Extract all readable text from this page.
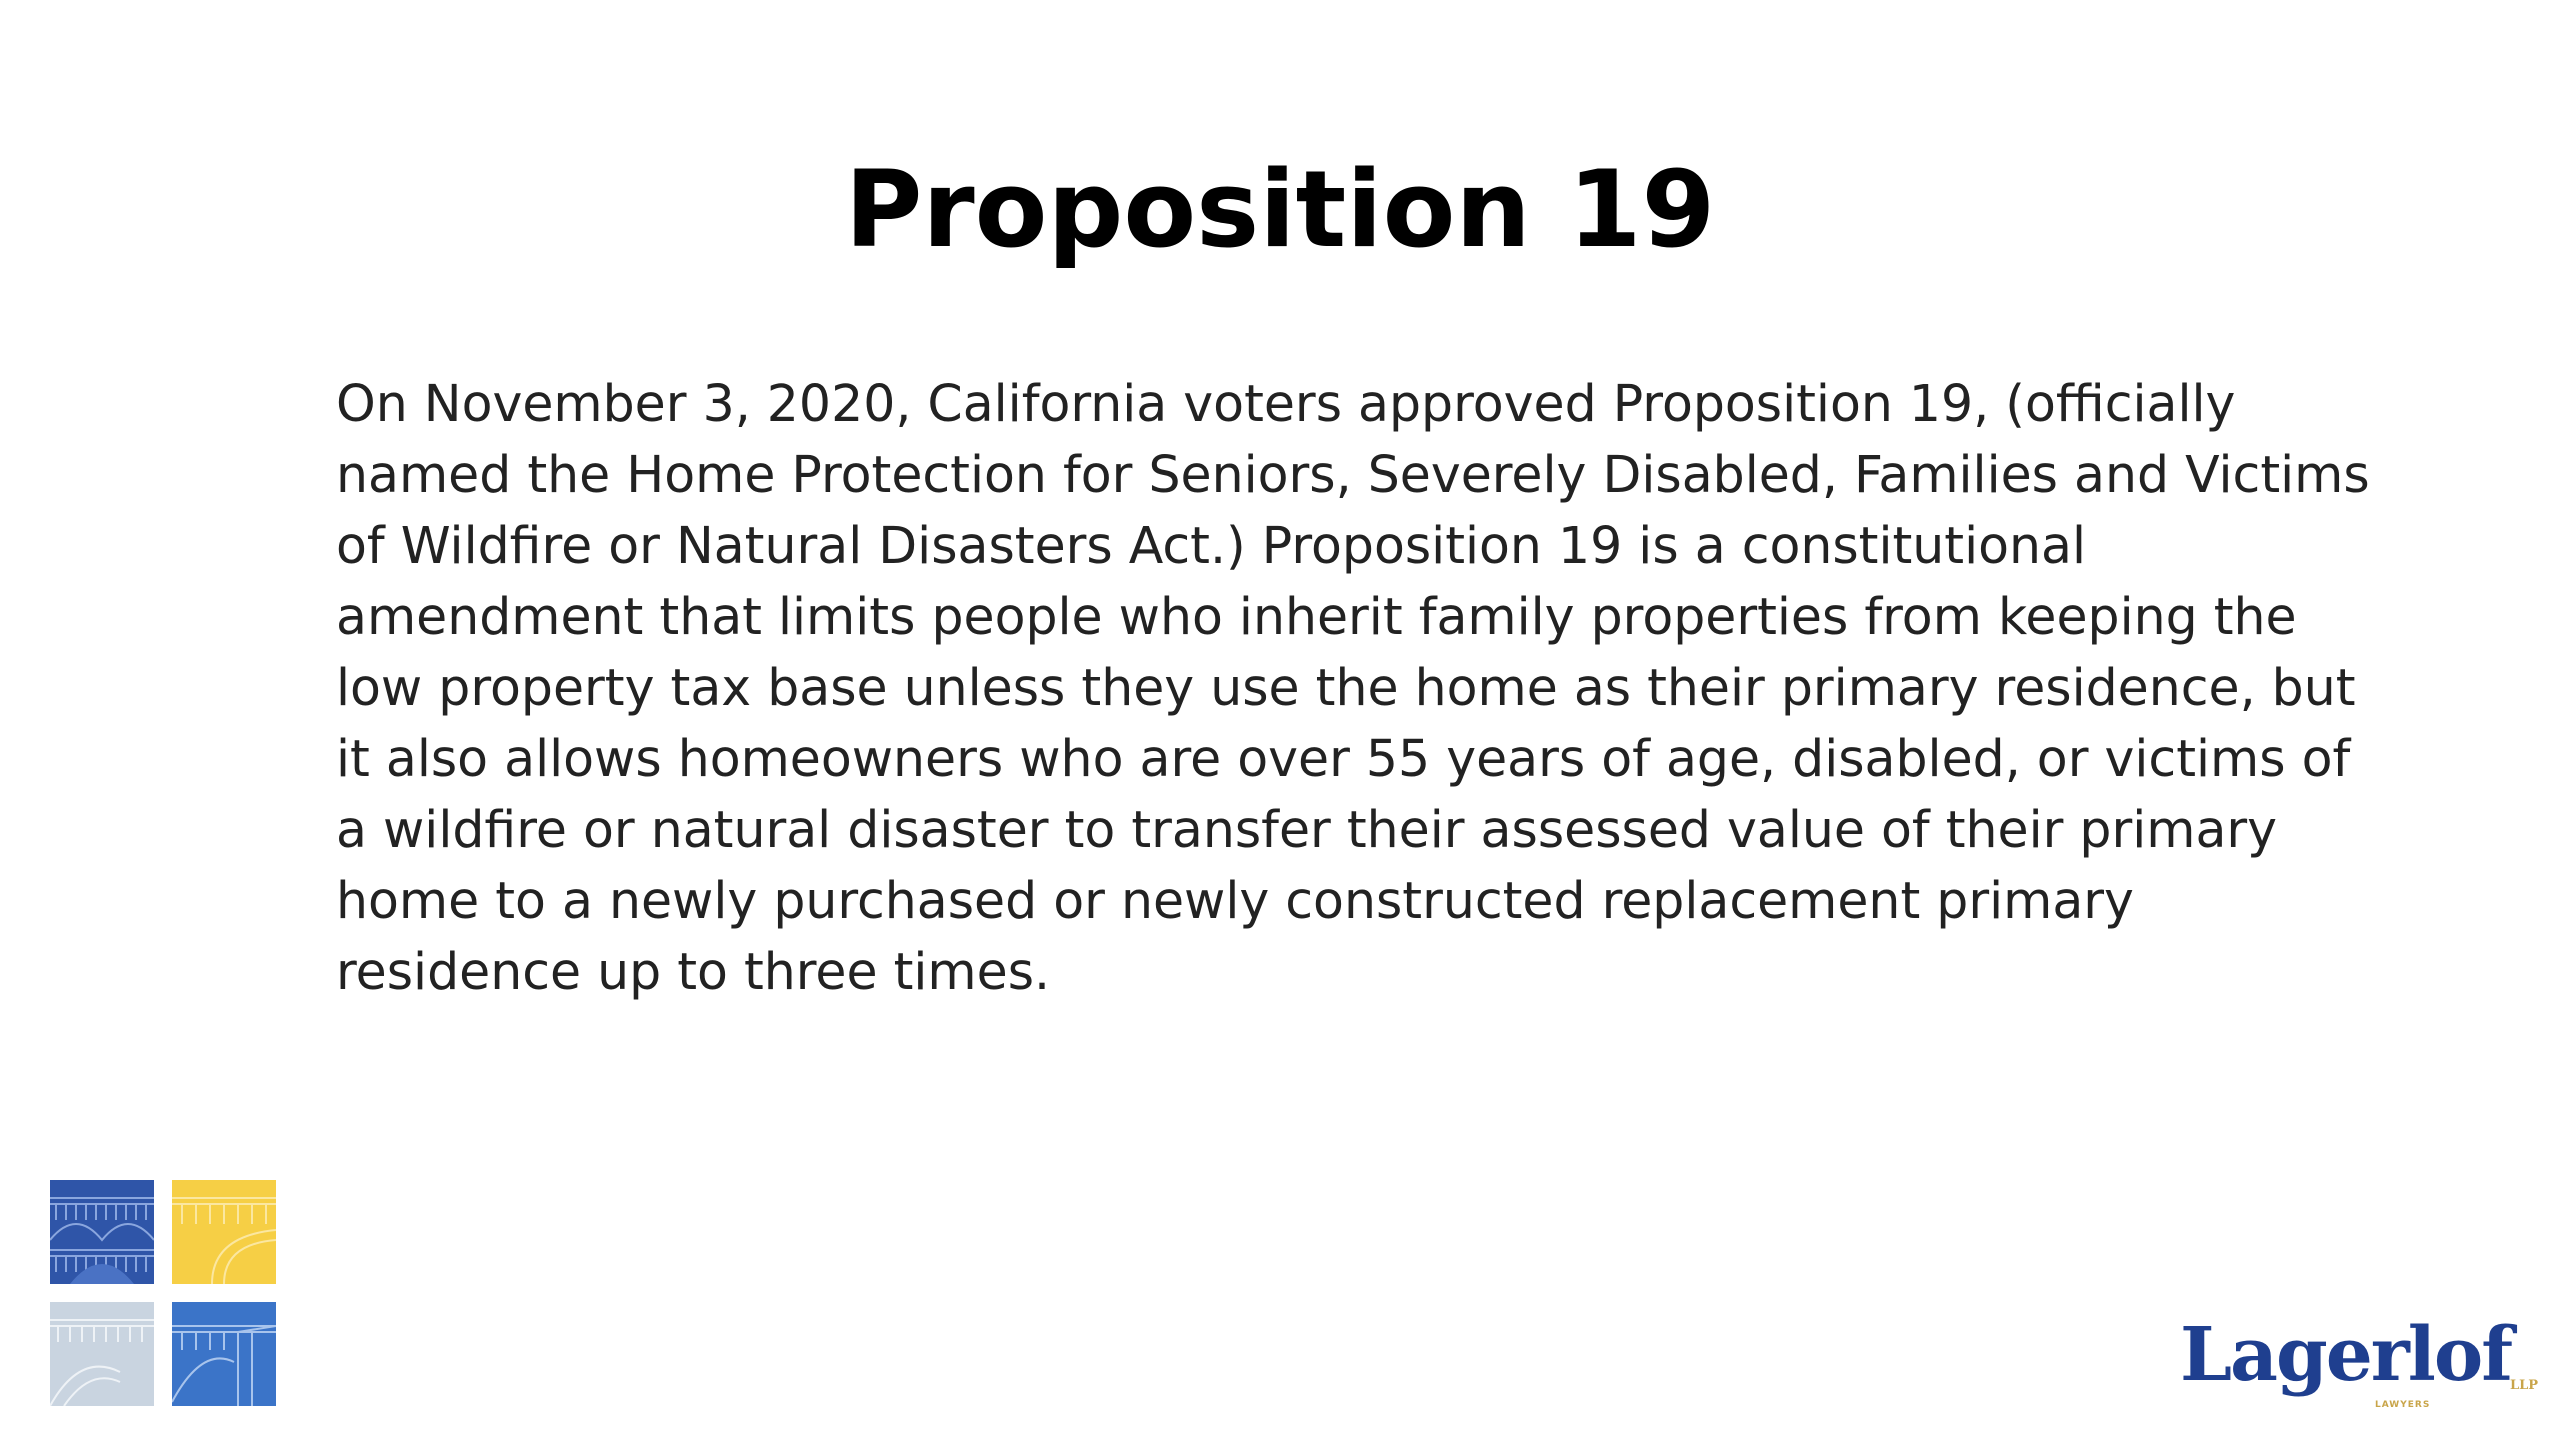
Proposition 19

On November 3, 2020, California voters approved Proposition 19, (officially named the Home Protection for Seniors, Severely Disabled, Families and Victims of Wildfire or Natural Disasters Act.) Proposition 19 is a constitutional amendment that limits people who inherit family properties from keeping the low property tax base unless they use the home as their primary residence, but it also allows homeowners who are over 55 years of age, disabled, or victims of a wildfire or natural disaster to transfer their assessed value of their primary home to a newly purchased or newly constructed replacement primary residence up to three times.

Lagerlof
LLP
LAWYERS
